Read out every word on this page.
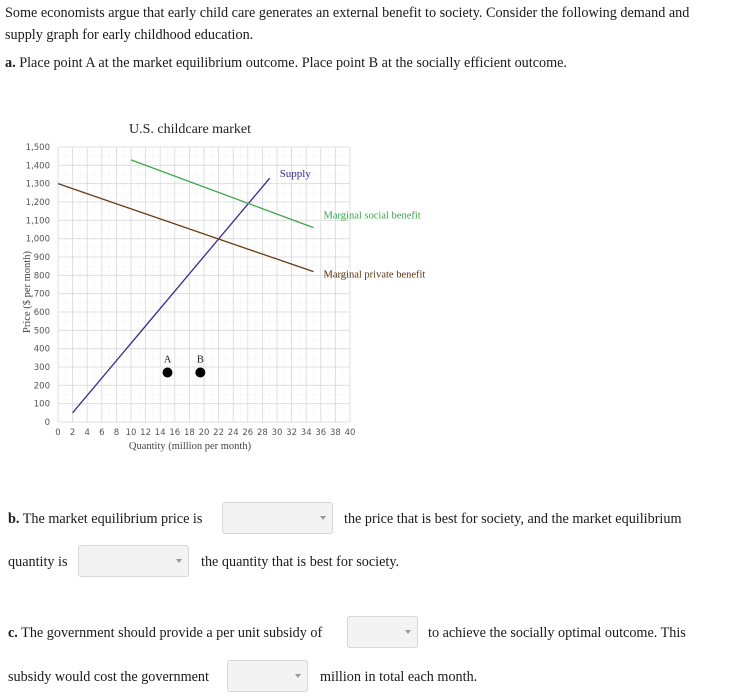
Some economists argue that early child care generates an external benefit to society. Consider the following demand and supply graph for early childhood education.
a. Place point A at the market equilibrium outcome. Place point B at the socially efficient outcome.
0
100
200
300
400
500
600
700
800
900
1,000
1,100
1,200
1,300
1,400
1,500
0 2 4 6 8 10 12 14 16 18 20 22 24 26 28 30 32 34 36 38 40
U.S. childcare market
Quantity (million per month)
Price ($ per month)
Supply
Marginal social benefit
Marginal private benefit
A B
b. The market equilibrium price is	the price that is best for society, and the market equilibrium
quantity is	the quantity that is best for society.
c. The government should provide a per unit subsidy of	to achieve the socially optimal outcome. This
subsidy would cost the government	million in total each month.
